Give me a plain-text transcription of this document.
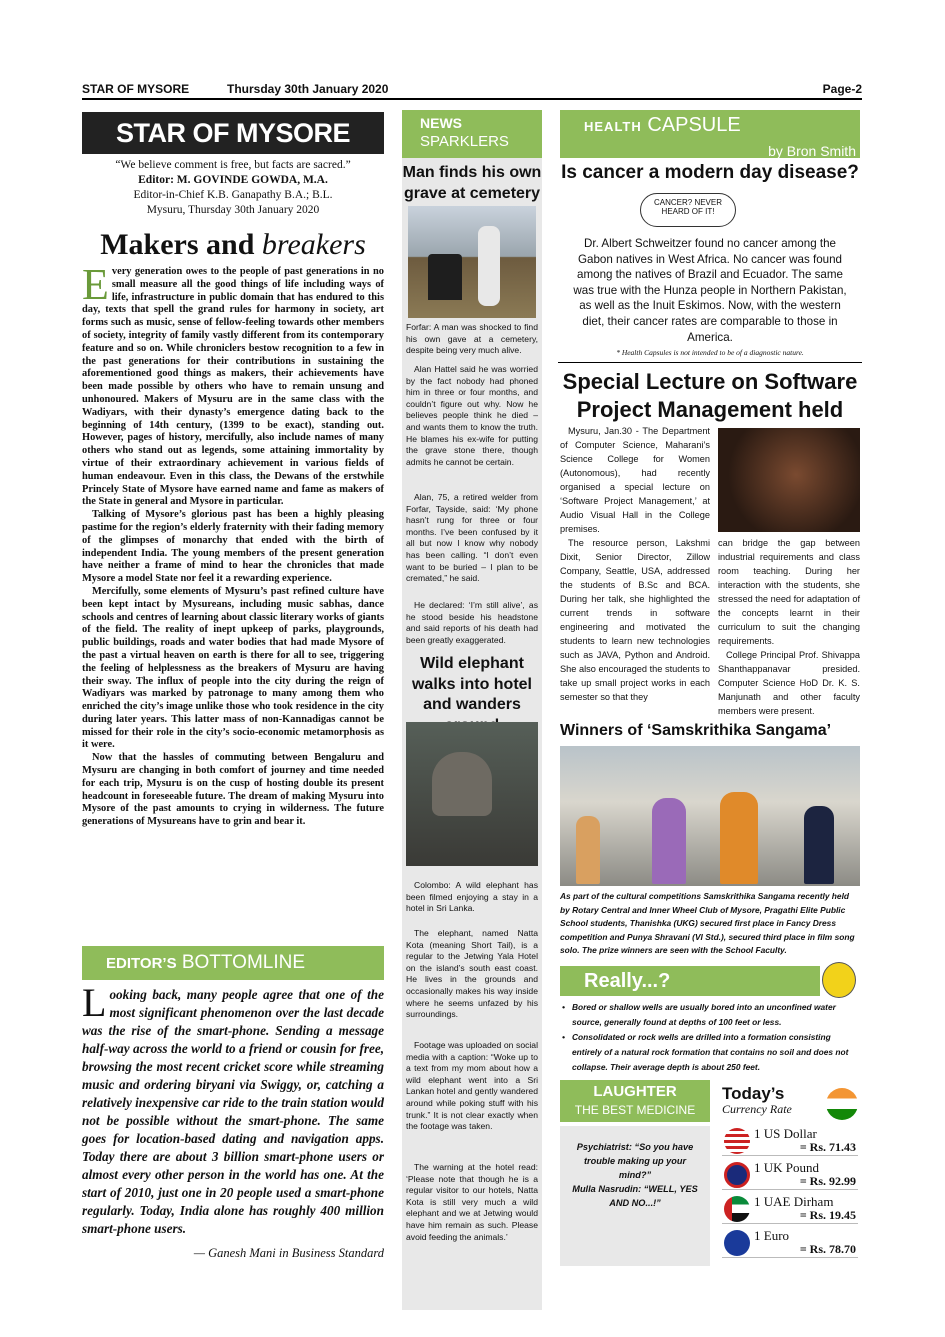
STAR OF MYSORE	Thursday 30th January 2020	Page-2
STAR OF MYSORE
“We believe comment is free, but facts are sacred.”
Editor: M. GOVINDE GOWDA, M.A.
Editor-in-Chief K.B. Ganapathy B.A.; B.L.
Mysuru, Thursday 30th January 2020
Makers and breakers

Every generation owes to the people of past generations in no small measure all the good things of life including ways of life, infrastructure in public domain that has endured to this day, texts that spell the grand rules for harmony in society, art forms such as music, sense of fellow-feeling towards other members of society, integrity of family vastly different from its contemporary feature and so on. While chroniclers bestow recognition to a few in the past generations for their contributions in sustaining the aforementioned good things as makers, their achievements have been made possible by others who have to remain unsung and unhonoured. Makers of Mysuru are in the same class with the Wadiyars, with their dynasty’s emergence dating back to the beginning of 14th century, (1399 to be exact), standing out. However, pages of history, mercifully, also include names of many others who stand out as legends, some attaining immortality by virtue of their extraordinary achievement in various fields of human endeavour. Even in this class, the Dewans of the erstwhile Princely State of Mysore have earned name and fame as makers of the State in general and Mysore in particular.

Talking of Mysore’s glorious past has been a highly pleasing pastime for the region’s elderly fraternity with their fading memory of the glimpses of monarchy that ended with the birth of independent India. The young members of the present generation have neither a frame of mind to hear the chronicles that made Mysore a model State nor feel it a rewarding experience.

Mercifully, some elements of Mysuru’s past refined culture have been kept intact by Mysureans, including music sabhas, dance schools and centres of learning about classic literary works of giants of the field. The reality of inept upkeep of parks, playgrounds, public buildings, roads and water bodies that had made Mysore of the past a virtual heaven on earth is there for all to see, triggering the feeling of helplessness as the breakers of Mysuru are having their sway. The influx of people into the city during the reign of Wadiyars was marked by patronage to many among them who enriched the city’s image unlike those who took residence in the city during later years. This latter mass of non-Kannadigas cannot be missed for their role in the city’s socio-economic metamorphosis as it were.

Now that the hassles of commuting between Bengaluru and Mysuru are changing in both comfort of journey and time needed for each trip, Mysuru is on the cusp of hosting double its present headcount in foreseeable future. The dream of making Mysuru into Mysore of the past amounts to crying in wilderness. The future generations of Mysureans have to grin and bear it.

EDITOR’S BOTTOMLINE
Looking back, many people agree that one of the most significant phenomenon over the last decade was the rise of the smart-phone. Sending a message half-way across the world to a friend or cousin for free, browsing the most recent cricket score while streaming music and ordering biryani via Swiggy, or, catching a relatively inexpensive car ride to the train station would not be possible without the smart-phone. The same goes for location-based dating and navigation apps. Today there are about 3 billion smart-phone users or almost every other person in the world has one. At the start of 2010, just one in 20 people used a smart-phone regularly. Today, India alone has roughly 400 million smart-phone users.
— Ganesh Mani in Business Standard
NEWS
SPARKLERS
Man finds his own grave at cemetery
Forfar: A man was shocked to find his own gave at a cemetery, despite being very much alive.
Alan Hattel said he was worried by the fact nobody had phoned him in three or four months, and couldn’t figure out why. Now he believes people think he died – and wants them to know the truth. He blames his ex-wife for putting the grave stone there, though admits he cannot be certain.
Alan, 75, a retired welder from Forfar, Tayside, said: ‘My phone hasn’t rung for three or four months. I’ve been confused by it all but now I know why nobody has been calling. “I don’t even want to be buried – I plan to be cremated,” he said.
He declared: ‘I’m still alive’, as he stood beside his headstone and said reports of his death had been greatly exaggerated.
Wild elephant walks into hotel and wanders
Colombo: A wild elephant has been filmed enjoying a stay in a hotel in Sri Lanka.
The elephant, named Natta Kota (meaning Short Tail), is a regular to the Jetwing Yala Hotel on the island’s south east coast. He lives in the grounds and occasionally makes his way inside where he seems unfazed by his surroundings.
Footage was uploaded on social media with a caption: “Woke up to a text from my mom about how a wild elephant went into a Sri Lankan hotel and gently wandered around while poking stuff with his trunk.” It is not clear exactly when the footage was taken.
The warning at the hotel read: ‘Please note that though he is a regular visitor to our hotels, Natta Kota is still very much a wild elephant and we at Jetwing would have him remain as such. Please avoid feeding the animals.’
HEALTH CAPSULE
by Bron Smith
Is cancer a modern day disease?
CANCER? NEVER HEARD OF IT!
Dr. Albert Schweitzer found no cancer among the Gabon natives in West Africa. No cancer was found among the natives of Brazil and Ecuador. The same was true with the Hunza people in Northern Pakistan, as well as the Inuit Eskimos. Now, with the western diet, their cancer rates are comparable to those in America.
* Health Capsules is not intended to be of a diagnostic nature.
Special Lecture on Software Project Management held
Mysuru, Jan.30 - The Department of Computer Science, Maharani’s Science College for Women (Autonomous), had recently organised a special lecture on ‘Software Project Management,’ at Audio Visual Hall in the College premises.
The resource person, Lakshmi Dixit, Senior Director, Zillow Company, Seattle, USA, addressed the students of B.Sc and BCA. During her talk, she highlighted the current trends in software engineering and motivated the students to learn new technologies such as JAVA, Python and Android. She also encouraged the students to take up small project works in each semester so that they
can bridge the gap between industrial requirements and class room teaching. During her interaction with the students, she stressed the need for adaptation of the concepts learnt in their curriculum to suit the changing requirements.
College Principal Prof. Shivappa Shanthappanavar presided. Computer Science HoD Dr. K. S. Manjunath and other faculty members were present.
Winners of ‘Samskrithika Sangama’
As part of the cultural competitions Samskrithika Sangama recently held by Rotary Central and Inner Wheel Club of Mysore, Pragathi Elite Public School students, Thanishka (UKG) secured first place in Fancy Dress competition and Punya Shravani (VI Std.), secured third place in film song solo. The prize winners are seen with the School Faculty.
Really...?
• Bored or shallow wells are usually bored into an unconfined water source, generally found at depths of 100 feet or less.
• Consolidated or rock wells are drilled into a formation consisting entirely of a natural rock formation that contains no soil and does not collapse. Their average depth is about 250 feet.
LAUGHTER
THE BEST MEDICINE
Psychiatrist: “So you have trouble making up your mind?”
Mulla Nasrudin: “WELL, YES AND NO...!”
Today’s
Currency Rate
1 US Dollar
= Rs. 71.43
1 UK Pound
= Rs. 92.99
1 UAE Dirham
= Rs. 19.45
1 Euro
= Rs. 78.70
